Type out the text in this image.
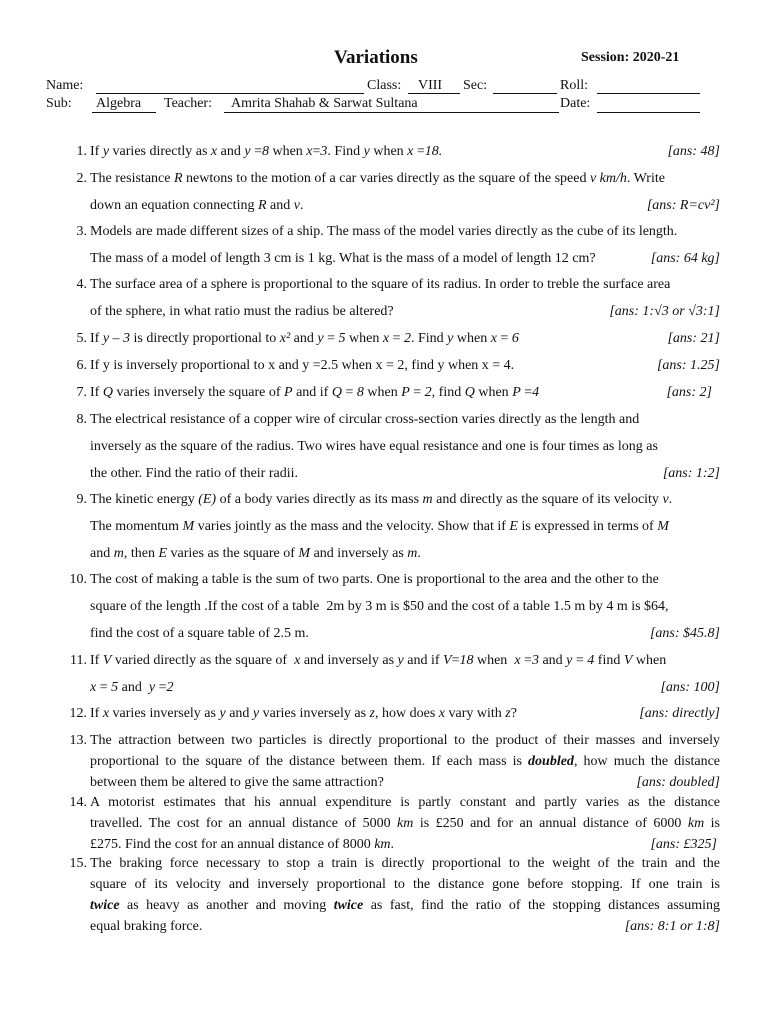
Variations	Session: 2020-21
Name:	Class: VIII Sec:	Roll:
Sub: Algebra Teacher: Amrita Shahab & Sarwat Sultana	Date:
1. If y varies directly as x and y =8 when x=3. Find y when x =18.	[ans: 48]
2. The resistance R newtons to the motion of a car varies directly as the square of the speed v km/h. Write
down an equation connecting R and v.	[ans: R=cv²]
3. Models are made different sizes of a ship. The mass of the model varies directly as the cube of its length.
The mass of a model of length 3 cm is 1 kg. What is the mass of a model of length 12 cm?	[ans: 64 kg]
4. The surface area of a sphere is proportional to the square of its radius. In order to treble the surface area
of the sphere, in what ratio must the radius be altered?	[ans: 1:√3 or √3:1]
5. If y – 3 is directly proportional to x² and y = 5 when x = 2. Find y when x = 6	[ans: 21]
6. If y is inversely proportional to x and y =2.5 when x = 2, find y when x = 4.	[ans: 1.25]
7. If Q varies inversely the square of P and if Q = 8 when P = 2, find Q when P =4	[ans: 2]
8. The electrical resistance of a copper wire of circular cross-section varies directly as the length and
inversely as the square of the radius. Two wires have equal resistance and one is four times as long as
the other. Find the ratio of their radii.	[ans: 1:2]
9. The kinetic energy (E) of a body varies directly as its mass m and directly as the square of its velocity v.
The momentum M varies jointly as the mass and the velocity. Show that if E is expressed in terms of M
and m, then E varies as the square of M and inversely as m.
10. The cost of making a table is the sum of two parts. One is proportional to the area and the other to the
square of the length .If the cost of a table  2m by 3 m is $50 and the cost of a table 1.5 m by 4 m is $64,
find the cost of a square table of 2.5 m.	[ans: $45.8]
11. If V varied directly as the square of  x and inversely as y and if V=18 when  x =3 and y = 4 find V when
x = 5 and  y =2	[ans: 100]
12. If x varies inversely as y and y varies inversely as z, how does x vary with z?	[ans: directly]
13. The attraction between two particles is directly proportional to the product of their masses and inversely
proportional to the square of the distance between them. If each mass is doubled, how much the distance
between them be altered to give the same attraction?	[ans: doubled]
14. A motorist estimates that his annual expenditure is partly constant and partly varies as the distance
travelled. The cost for an annual distance of 5000 km is £250 and for an annual distance of 6000 km is
£275. Find the cost for an annual distance of 8000 km.	[ans: £325]
15. The braking force necessary to stop a train is directly proportional to the weight of the train and the
square of its velocity and inversely proportional to the distance gone before stopping. If one train is
twice as heavy as another and moving twice as fast, find the ratio of the stopping distances assuming
equal braking force.	[ans: 8:1 or 1:8]
